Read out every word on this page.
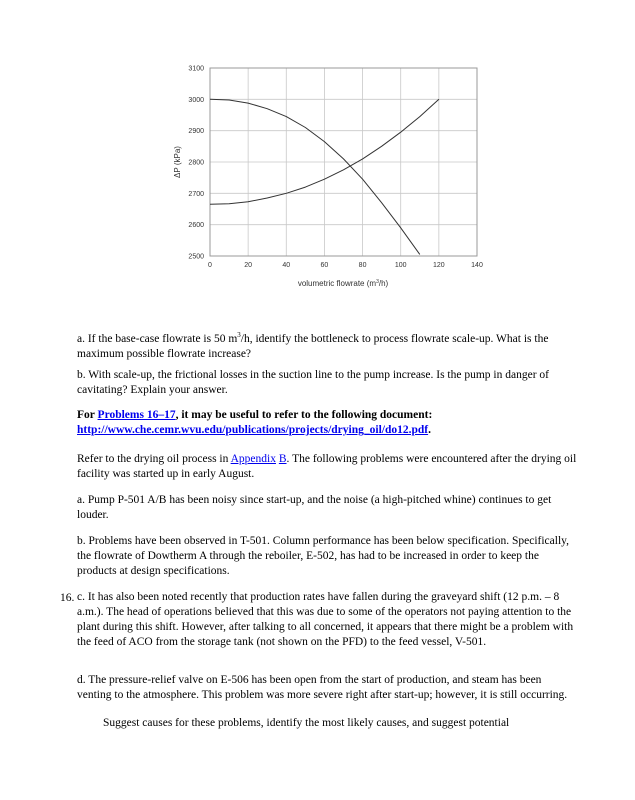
2500
2600
2700
2800
2900
3000
3100
0	20	40	60	80	100	120	140
ΔP (kPa)
volumetric flowrate $(m^3/h)$

a. If the base-case flowrate is 50 $m^3/h$, identify the bottleneck to process flowrate scale-up. What is the maximum possible flowrate increase?

b. With scale-up, the frictional losses in the suction line to the pump increase. Is the pump in danger of cavitating? Explain your answer.

For Problems 16–17, it may be useful to refer to the following document:
http://www.che.cemr.wvu.edu/publications/projects/drying_oil/do12.pdf.

Refer to the drying oil process in Appendix B. The following problems were encountered after the drying oil facility was started up in early August.

a. Pump P-501 A/B has been noisy since start-up, and the noise (a high-pitched whine) continues to get louder.

b. Problems have been observed in T-501. Column performance has been below specification. Specifically, the flowrate of Dowtherm A through the reboiler, E-502, has had to be increased in order to keep the products at design specifications.

16. c. It has also been noted recently that production rates have fallen during the graveyard shift (12 p.m. – 8 a.m.). The head of operations believed that this was due to some of the operators not paying attention to the plant during this shift. However, after talking to all concerned, it appears that there might be a problem with the feed of ACO from the storage tank (not shown on the PFD) to the feed vessel, V-501.

d. The pressure-relief valve on E-506 has been open from the start of production, and steam has been venting to the atmosphere. This problem was more severe right after start-up; however, it is still occurring.

Suggest causes for these problems, identify the most likely causes, and suggest potential
